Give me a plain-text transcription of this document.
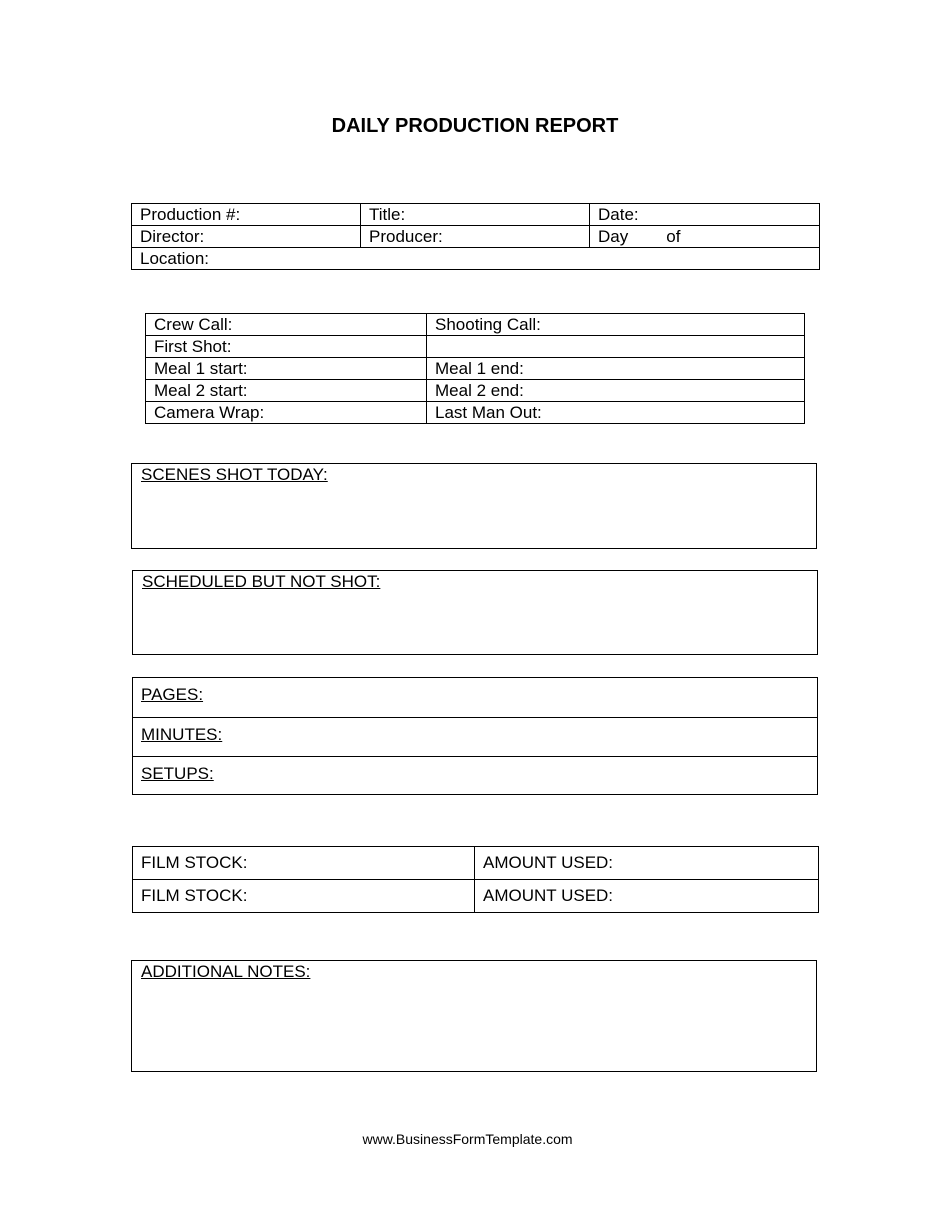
DAILY PRODUCTION REPORT
Production #:	Title:	Date:
Director:	Producer:	Day of
Location:		
Crew Call:	Shooting Call:
First Shot:	
Meal 1 start:	Meal 1 end:
Meal 2 start:	Meal 2 end:
Camera Wrap:	Last Man Out:
SCENES SHOT TODAY:
SCHEDULED BUT NOT SHOT:
PAGES:
MINUTES:
SETUPS:
FILM STOCK:	AMOUNT USED:
FILM STOCK:	AMOUNT USED:
ADDITIONAL NOTES:
www.BusinessFormTemplate.com
